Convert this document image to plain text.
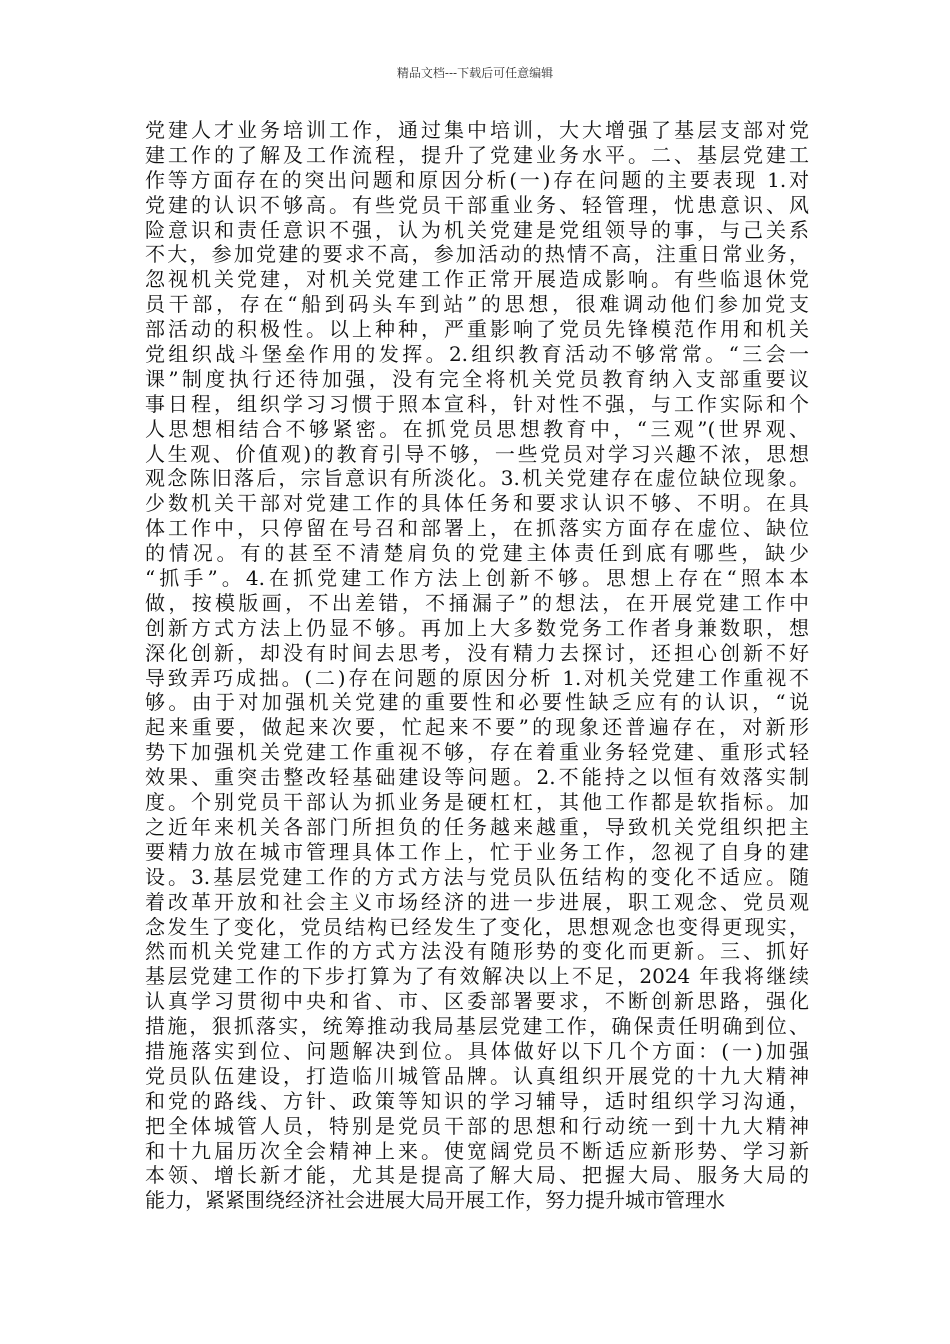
精品文档---下载后可任意编辑
党建人才业务培训工作，通过集中培训，大大增强了基层支部对党
建工作的了解及工作流程，提升了党建业务水平。二、基层党建工
作等方面存在的突出问题和原因分析(一)存在问题的主要表现 1.对
党建的认识不够高。有些党员干部重业务、轻管理，忧患意识、风
险意识和责任意识不强，认为机关党建是党组领导的事，与己关系
不大，参加党建的要求不高，参加活动的热情不高，注重日常业务，
忽视机关党建，对机关党建工作正常开展造成影响。有些临退休党
员干部，存在“船到码头车到站”的思想，很难调动他们参加党支
部活动的积极性。以上种种，严重影响了党员先锋模范作用和机关
党组织战斗堡垒作用的发挥。2.组织教育活动不够常常。“三会一
课”制度执行还待加强，没有完全将机关党员教育纳入支部重要议
事日程，组织学习习惯于照本宣科，针对性不强，与工作实际和个
人思想相结合不够紧密。在抓党员思想教育中，“三观”(世界观、
人生观、价值观)的教育引导不够，一些党员对学习兴趣不浓，思想
观念陈旧落后，宗旨意识有所淡化。3.机关党建存在虚位缺位现象。
少数机关干部对党建工作的具体任务和要求认识不够、不明。在具
体工作中，只停留在号召和部署上，在抓落实方面存在虚位、缺位
的情况。有的甚至不清楚肩负的党建主体责任到底有哪些，缺少
“抓手”。4.在抓党建工作方法上创新不够。思想上存在“照本本
做，按模版画，不出差错，不捅漏子”的想法，在开展党建工作中
创新方式方法上仍显不够。再加上大多数党务工作者身兼数职，想
深化创新，却没有时间去思考，没有精力去探讨，还担心创新不好
导致弄巧成拙。(二)存在问题的原因分析 1.对机关党建工作重视不
够。由于对加强机关党建的重要性和必要性缺乏应有的认识，“说
起来重要，做起来次要，忙起来不要”的现象还普遍存在，对新形
势下加强机关党建工作重视不够，存在着重业务轻党建、重形式轻
效果、重突击整改轻基础建设等问题。2.不能持之以恒有效落实制
度。个别党员干部认为抓业务是硬杠杠，其他工作都是软指标。加
之近年来机关各部门所担负的任务越来越重，导致机关党组织把主
要精力放在城市管理具体工作上，忙于业务工作，忽视了自身的建
设。3.基层党建工作的方式方法与党员队伍结构的变化不适应。随
着改革开放和社会主义市场经济的进一步进展，职工观念、党员观
念发生了变化，党员结构已经发生了变化，思想观念也变得更现实，
然而机关党建工作的方式方法没有随形势的变化而更新。三、抓好
基层党建工作的下步打算为了有效解决以上不足，2024 年我将继续
认真学习贯彻中央和省、市、区委部署要求，不断创新思路，强化
措施，狠抓落实，统筹推动我局基层党建工作，确保责任明确到位、
措施落实到位、问题解决到位。具体做好以下几个方面：(一)加强
党员队伍建设，打造临川城管品牌。认真组织开展党的十九大精神
和党的路线、方针、政策等知识的学习辅导，适时组织学习沟通，
把全体城管人员，特别是党员干部的思想和行动统一到十九大精神
和十九届历次全会精神上来。使宽阔党员不断适应新形势、学习新
本领、增长新才能，尤其是提高了解大局、把握大局、服务大局的
能力，紧紧围绕经济社会进展大局开展工作，努力提升城市管理水
